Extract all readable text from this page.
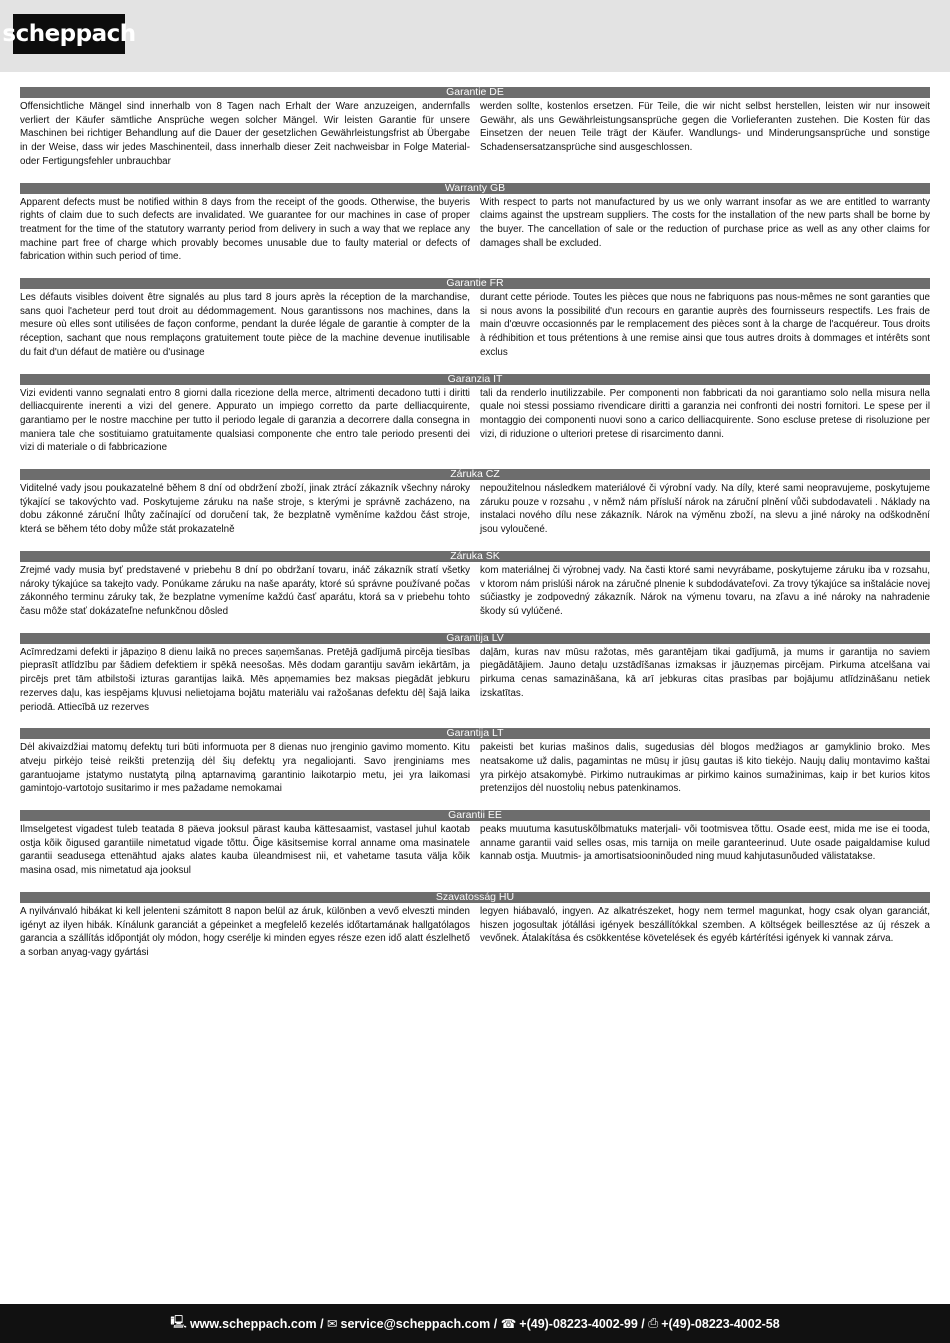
scheppach
Garantie DE
Offensichtliche Mängel sind innerhalb von 8 Tagen nach Erhalt der Ware anzuzeigen, andernfalls verliert der Käufer sämtliche Ansprüche wegen solcher Mängel. Wir leisten Garantie für unsere Maschinen bei richtiger Behandlung auf die Dauer der gesetzlichen Gewährleistungsfrist ab Übergabe in der Weise, dass wir jedes Maschinenteil, dass innerhalb dieser Zeit nachweisbar in Folge Material- oder Fertigungsfehler unbrauchbar
werden sollte, kostenlos ersetzen. Für Teile, die wir nicht selbst herstellen, leisten wir nur insoweit Gewähr, als uns Gewährleistungsansprüche gegen die Vorlieferanten zustehen. Die Kosten für das Einsetzen der neuen Teile trägt der Käufer. Wandlungs- und Minderungsansprüche und sonstige Schadensersatzansprüche sind ausgeschlossen.
Warranty GB
Apparent defects must be notified within 8 days from the receipt of the goods. Otherwise, the buyeris rights of claim due to such defects are invalidated. We guarantee for our machines in case of proper treatment for the time of the statutory warranty period from delivery in such a way that we replace any machine part free of charge which provably becomes unusable due to faulty material or defects of fabrication within such period of time.
With respect to parts not manufactured by us we only warrant insofar as we are entitled to warranty claims against the upstream suppliers. The costs for the installation of the new parts shall be borne by the buyer. The cancellation of sale or the reduction of purchase price as well as any other claims for damages shall be excluded.
Garantie FR
Les défauts visibles doivent être signalés au plus tard 8 jours après la réception de la marchandise, sans quoi l'acheteur perd tout droit au dédommagement. Nous garantissons nos machines, dans la mesure où elles sont utilisées de façon conforme, pendant la durée légale de garantie à compter de la réception, sachant que nous remplaçons gratuitement toute pièce de la machine devenue inutilisable du fait d'un défaut de matière ou d'usinage
durant cette période. Toutes les pièces que nous ne fabriquons pas nous-mêmes ne sont garanties que si nous avons la possibilité d'un recours en garantie auprès des fournisseurs respectifs. Les frais de main d'œuvre occasionnés par le remplacement des pièces sont à la charge de l'acquéreur. Tous droits à rédhibition et tous prétentions à une remise ainsi que tous autres droits à dommages et intérêts sont exclus
Garanzia IT
Vizi evidenti vanno segnalati entro 8 giorni dalla ricezione della merce, altrimenti decadono tutti i diritti delliacquirente inerenti a vizi del genere. Appurato un impiego corretto da parte delliacquirente, garantiamo per le nostre macchine per tutto il periodo legale di garanzia a decorrere dalla consegna in maniera tale che sostituiamo gratuitamente qualsiasi componente che entro tale periodo presenti dei vizi di materiale o di fabbricazione
tali da renderlo inutilizzabile. Per componenti non fabbricati da noi garantiamo solo nella misura nella quale noi stessi possiamo rivendicare diritti a garanzia nei confronti dei nostri fornitori. Le spese per il montaggio dei componenti nuovi sono a carico delliacquirente. Sono escluse pretese di risoluzione per vizi, di riduzione o ulteriori pretese di risarcimento danni.
Záruka CZ
Viditelné vady jsou poukazatelné během 8 dní od obdržení zboží, jinak ztrácí zákazník všechny nároky týkající se takovýchto vad. Poskytujeme záruku na naše stroje, s kterými je správně zacházeno, na dobu zákonné záruční lhůty začínající od doručení tak, že bezplatně vyměníme každou část stroje, která se během této doby může stát prokazatelně
nepoužitelnou následkem materiálové či výrobní vady. Na díly, které sami neopravujeme, poskytujeme záruku pouze v rozsahu , v němž nám přísluší nárok na záruční plnění vůči subdodavateli . Náklady na instalaci nového dílu nese zákazník. Nárok na výměnu zboží, na slevu a jiné nároky na odškodnění jsou vyloučené.
Záruka SK
Zrejmé vady musia byť predstavené v priebehu 8 dní po obdržaní tovaru, ináč zákazník stratí všetky nároky týkajúce sa takejto vady. Ponúkame záruku na naše aparáty, ktoré sú správne používané počas zákonného terminu záruky tak, že bezplatne vymeníme každú časť aparátu, ktorá sa v priebehu tohto času môže stať dokázateľne nefunkčnou dôsled
kom materiálnej či výrobnej vady. Na časti ktoré sami nevyrábame, poskytujeme záruku iba v rozsahu, v ktorom nám prislúši nárok na záručné plnenie k subdodávateľovi. Za trovy týkajúce sa inštalácie novej súčiastky je zodpovedný zákazník. Nárok na výmenu tovaru, na zľavu a iné nároky na nahradenie škody sú vylúčené.
Garantija LV
Acīmredzami defekti ir jāpaziņo 8 dienu laikā no preces saņemšanas. Pretējā gadījumā pircēja tiesības pieprasīt atlīdzību par šādiem defektiem ir spēkā neesošas. Mēs dodam garantiju savām iekārtām, ja pircējs pret tām atbilstoši izturas garantijas laikā. Mēs apņemamies bez maksas piegādāt jebkuru rezerves daļu, kas iespējams kļuvusi nelietojama bojātu materiālu vai ražošanas defektu dēļ šajā laika periodā. Attiecībā uz rezerves
daļām, kuras nav mūsu ražotas, mēs garantējam tikai gadījumā, ja mums ir garantija no saviem piegādātājiem. Jauno detaļu uzstādīšanas izmaksas ir jāuzņemas pircējam. Pirkuma atcelšana vai pirkuma cenas samazināšana, kā arī jebkuras citas prasības par bojājumu atlīdzināšanu netiek izskatītas.
Garantija LT
Dėl akivaizdžiai matomų defektų turi būti informuota per 8 dienas nuo įrenginio gavimo momento. Kitu atveju pirkėjo teisė reikšti pretenziją dėl šių defektų yra negaliojanti. Savo įrenginiams mes garantuojame įstatymo nustatytą pilną aptarnavimą garantinio laikotarpio metu, jei yra laikomasi gamintojo-vartotojo susitarimo ir mes pažadame nemokamai
pakeisti bet kurias mašinos dalis, sugedusias dėl blogos medžiagos ar gamyklinio broko. Mes neatsakome už dalis, pagamintas ne mūsų ir jūsų gautas iš kito tiekėjo. Naujų dalių montavimo kaštai yra pirkėjo atsakomybė. Pirkimo nutraukimas ar pirkimo kainos sumažinimas, kaip ir bet kurios kitos pretenzijos dėl nuostolių nebus patenkinamos.
Garantii EE
Ilmselgetest vigadest tuleb teatada 8 päeva jooksul pärast kauba kättesaamist, vastasel juhul kaotab ostja kõik õigused garantiile nimetatud vigade tõttu. Õige käsitsemise korral anname oma masinatele garantii seadusega ettenähtud ajaks alates kauba üleandmisest nii, et vahetame tasuta välja kõik masina osad, mis nimetatud aja jooksul
peaks muutuma kasutuskõlbmatuks materjali- või tootmisvea tõttu. Osade eest, mida me ise ei tooda, anname garantii vaid selles osas, mis tarnija on meile garanteerinud. Uute osade paigaldamise kulud kannab ostja. Muutmis- ja amortisatsiooninõuded ning muud kahjutasunõuded välistatakse.
Szavatosság HU
A nyilvánvaló hibákat ki kell jelenteni számitott 8 napon belül az áruk, különben a vevő elveszti minden igényt az ilyen hibák. Kínálunk garanciát a gépeinket a megfelelő kezelés időtartamának hallgatólagos garancia a szállítás időpontját oly módon, hogy cserélje ki minden egyes része ezen idő alatt észlelhető a sorban anyag-vagy gyártási
legyen hiábavaló, ingyen. Az alkatrészeket, hogy nem termel magunkat, hogy csak olyan garanciát, hiszen jogosultak jótállási igények beszállítókkal szemben. A költségek beillesztése az új részek a vevőnek. Átalakítása és csökkentése követelések és egyéb kártérítési igények ki vannak zárva.
🖳 www.scheppach.com / ✉ service@scheppach.com / ☎ +(49)-08223-4002-99 / ⎙ +(49)-08223-4002-58
